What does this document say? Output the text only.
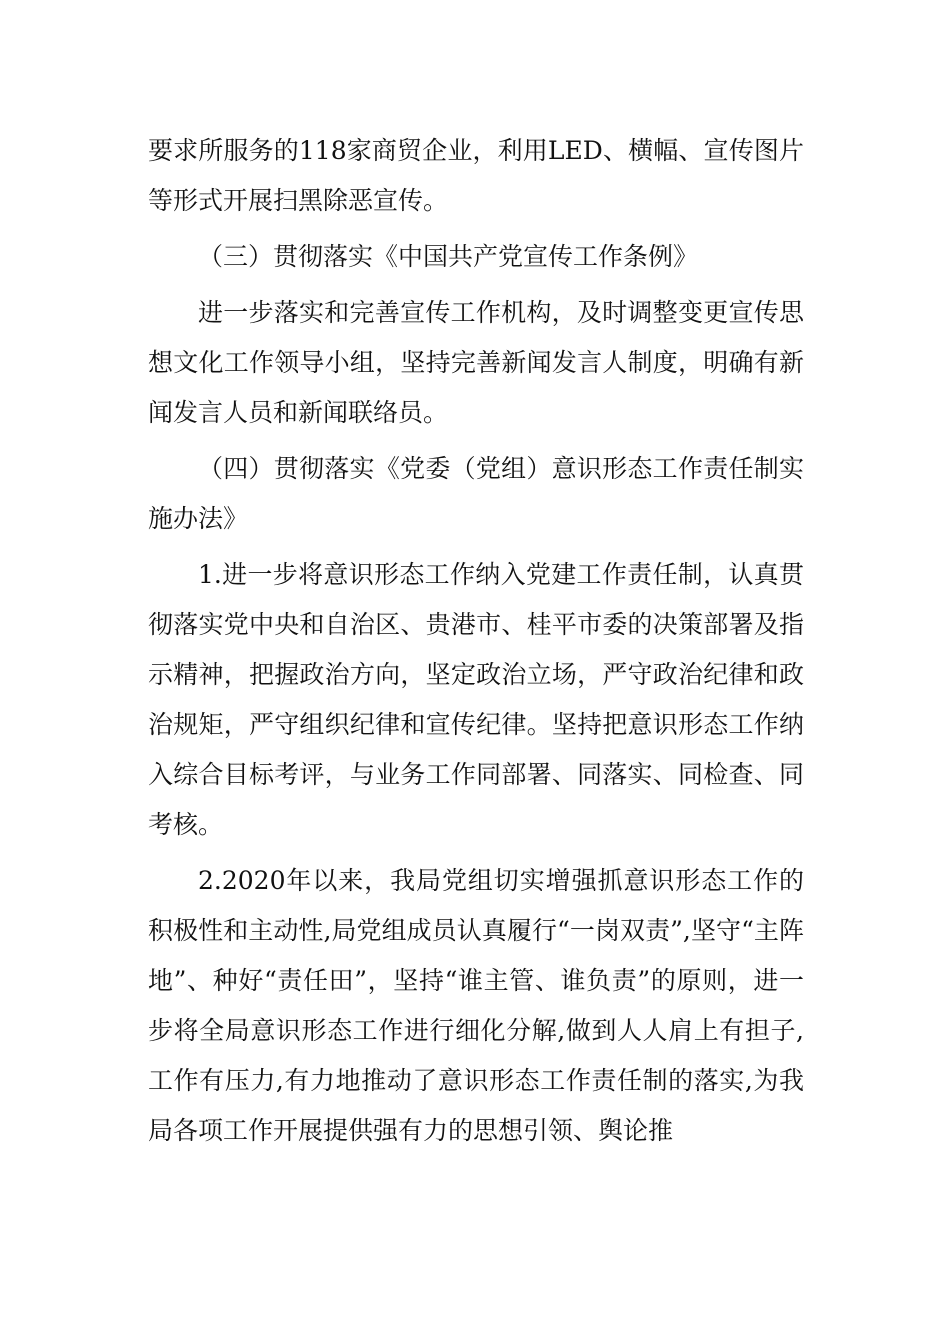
要求所服务的118家商贸企业，利用LED、横幅、宣传图片等形式开展扫黑除恶宣传。

（三）贯彻落实《中国共产党宣传工作条例》

进一步落实和完善宣传工作机构，及时调整变更宣传思想文化工作领导小组，坚持完善新闻发言人制度，明确有新闻发言人员和新闻联络员。

（四）贯彻落实《党委（党组）意识形态工作责任制实施办法》

1.进一步将意识形态工作纳入党建工作责任制，认真贯彻落实党中央和自治区、贵港市、桂平市委的决策部署及指示精神，把握政治方向，坚定政治立场，严守政治纪律和政治规矩，严守组织纪律和宣传纪律。坚持把意识形态工作纳入综合目标考评，与业务工作同部署、同落实、同检查、同考核。

2.2020年以来，我局党组切实增强抓意识形态工作的积极性和主动性,局党组成员认真履行“一岗双责”,坚守“主阵地”、种好“责任田”，坚持“谁主管、谁负责”的原则，进一步将全局意识形态工作进行细化分解,做到人人肩上有担子,工作有压力,有力地推动了意识形态工作责任制的落实,为我局各项工作开展提供强有力的思想引领、舆论推
